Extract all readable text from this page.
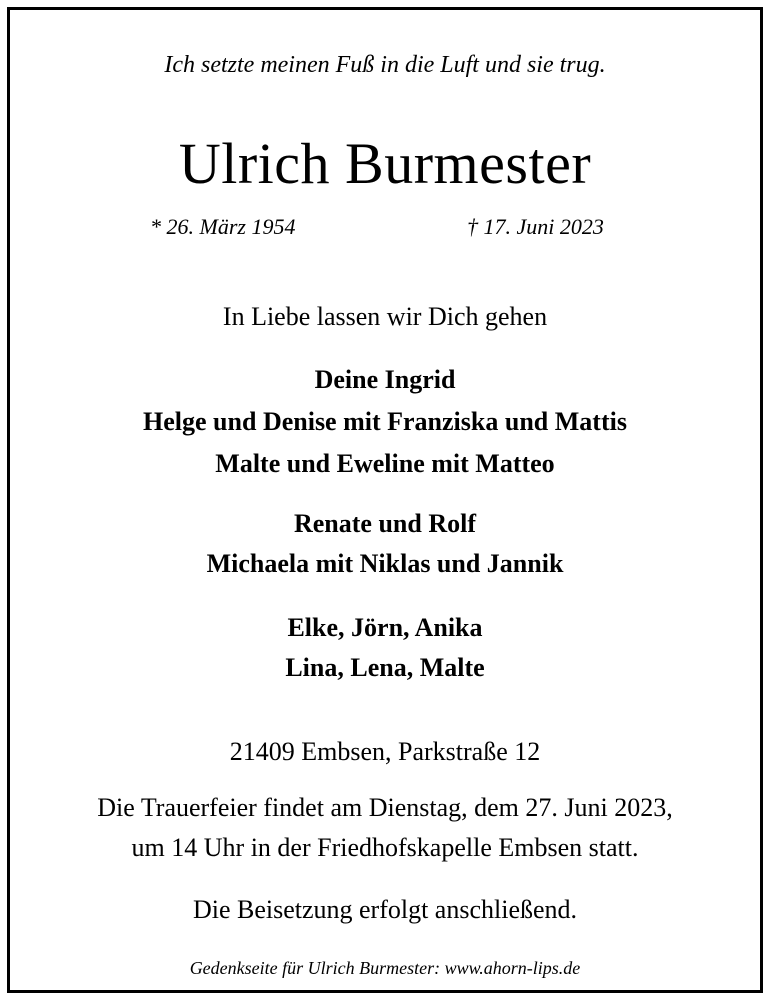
Ich setzte meinen Fuß in die Luft und sie trug.
Ulrich Burmester
* 26. März 1954	† 17. Juni 2023
In Liebe lassen wir Dich gehen
Deine Ingrid
Helge und Denise mit Franziska und Mattis
Malte und Eweline mit Matteo
Renate und Rolf
Michaela mit Niklas und Jannik
Elke, Jörn, Anika
Lina, Lena, Malte
21409 Embsen, Parkstraße 12
Die Trauerfeier findet am Dienstag, dem 27. Juni 2023,
um 14 Uhr in der Friedhofskapelle Embsen statt.
Die Beisetzung erfolgt anschließend.
Gedenkseite für Ulrich Burmester: www.ahorn-lips.de
